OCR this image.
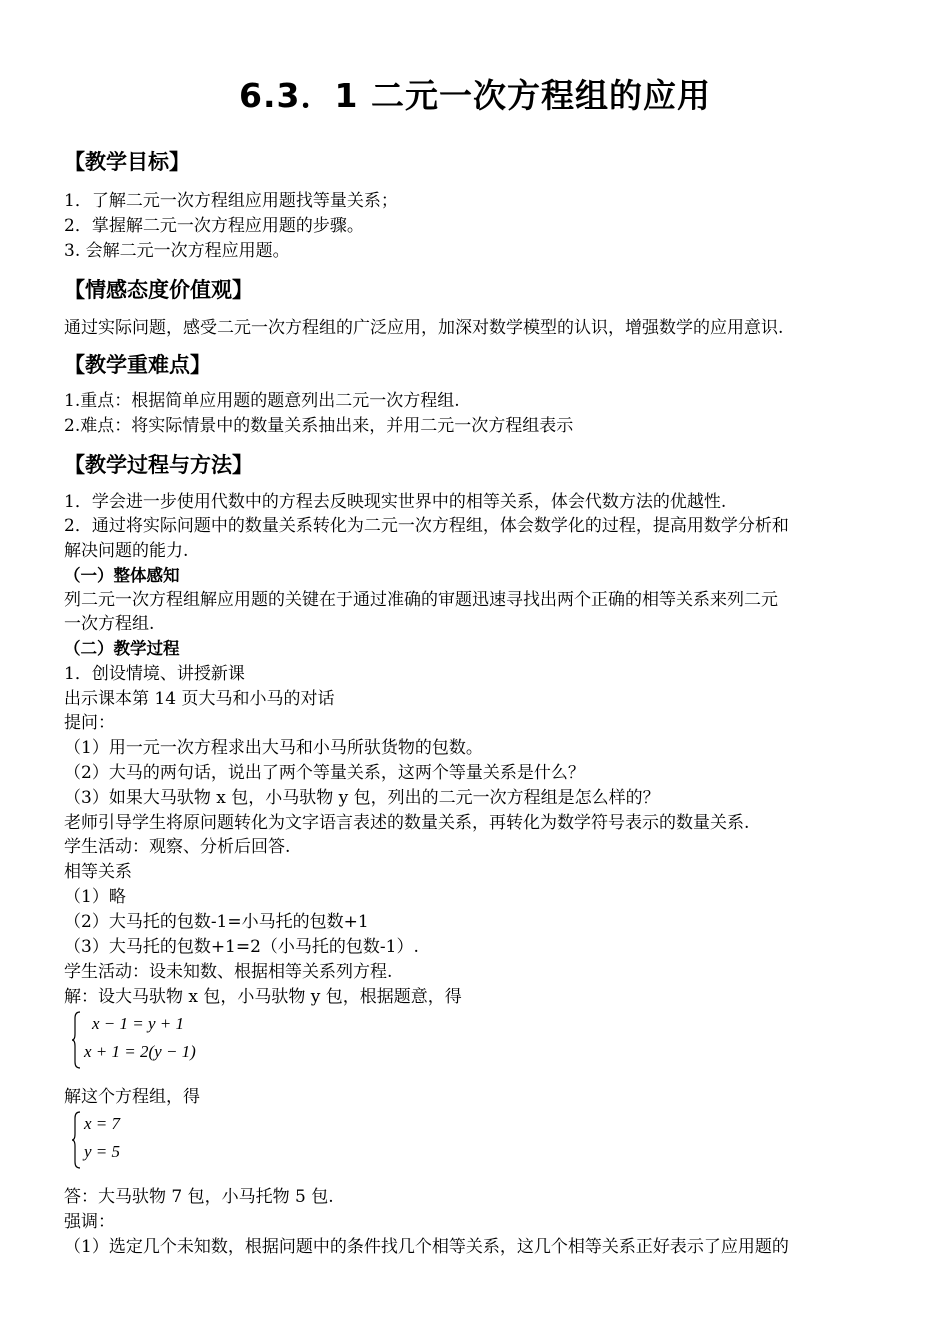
6.3．1 二元一次方程组的应用
【教学目标】
1．了解二元一次方程组应用题找等量关系；
2．掌握解二元一次方程应用题的步骤。
3. 会解二元一次方程应用题。
【情感态度价值观】
通过实际问题，感受二元一次方程组的广泛应用，加深对数学模型的认识，增强数学的应用意识.
【教学重难点】
1.重点：根据简单应用题的题意列出二元一次方程组.
2.难点：将实际情景中的数量关系抽出来，并用二元一次方程组表示
【教学过程与方法】
1．学会进一步使用代数中的方程去反映现实世界中的相等关系，体会代数方法的优越性.
2．通过将实际问题中的数量关系转化为二元一次方程组，体会数学化的过程，提高用数学分析和
解决问题的能力.
（一）整体感知
列二元一次方程组解应用题的关键在于通过准确的审题迅速寻找出两个正确的相等关系来列二元
一次方程组.
（二）教学过程
1．创设情境、讲授新课
出示课本第 14 页大马和小马的对话
提问：
（1）用一元一次方程求出大马和小马所驮货物的包数。
（2）大马的两句话，说出了两个等量关系，这两个等量关系是什么？
（3）如果大马驮物 x 包，小马驮物 y 包，列出的二元一次方程组是怎么样的？
老师引导学生将原问题转化为文字语言表述的数量关系，再转化为数学符号表示的数量关系.
学生活动：观察、分析后回答.
相等关系
（1）略
（2）大马托的包数-1=小马托的包数+1
（3）大马托的包数+1=2（小马托的包数-1）.
学生活动：设未知数、根据相等关系列方程.
解：设大马驮物 x 包，小马驮物 y 包，根据题意，得
x − 1 = y + 1
x + 1 = 2(y − 1)
解这个方程组，得
x = 7
y = 5
答：大马驮物 7 包，小马托物 5 包.
强调：
（1）选定几个未知数，根据问题中的条件找几个相等关系，这几个相等关系正好表示了应用题的
